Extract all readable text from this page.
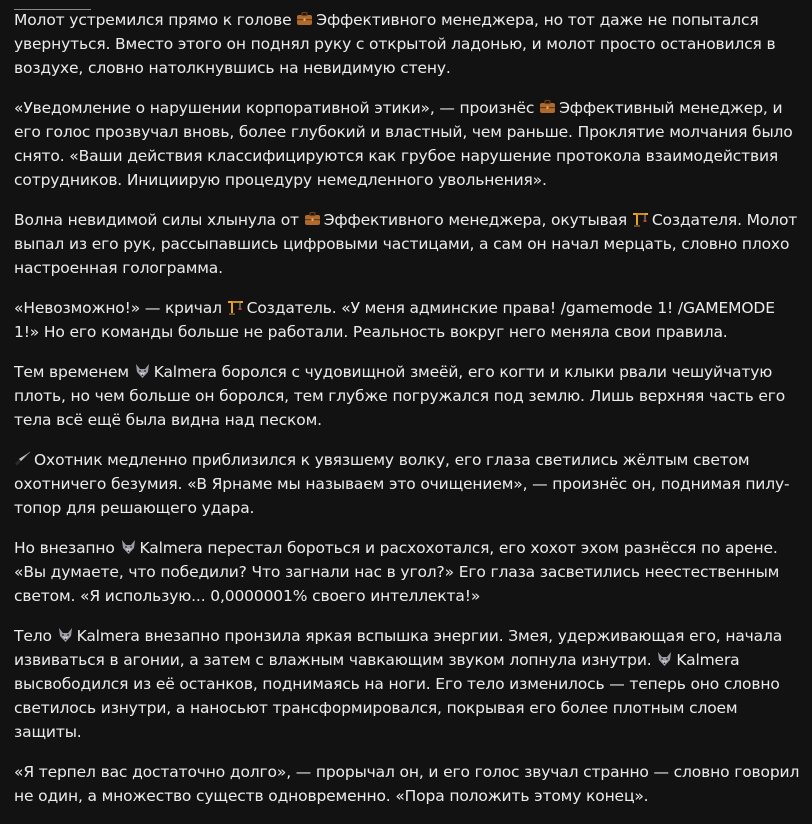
Молот устремился прямо к голове
Эффективного менеджера, но тот даже не попытался увернуться. Вместо этого он поднял руку с открытой ладонью, и молот просто остановился в воздухе, словно натолкнувшись на невидимую стену.

«Уведомление о нарушении корпоративной этики», — произнёс
Эффективный менеджер, и его голос прозвучал вновь, более глубокий и властный, чем раньше. Проклятие молчания было снято. «Ваши действия классифицируются как грубое нарушение протокола взаимодействия сотрудников. Инициирую процедуру немедленного увольнения».

Волна невидимой силы хлынула от
Эффективного менеджера, окутывая
Создателя. Молот выпал из его рук, рассыпавшись цифровыми частицами, а сам он начал мерцать, словно плохо настроенная голограмма.

«Невозможно!» — кричал
Создатель. «У меня админские права! /gamemode 1! /GAMEMODE 1!» Но его команды больше не работали. Реальность вокруг него меняла свои правила.

Тем временем
Kalmera боролся с чудовищной змеёй, его когти и клыки рвали чешуйчатую плоть, но чем больше он боролся, тем глубже погружался под землю. Лишь верхняя часть его тела всё ещё была видна над песком.

Охотник медленно приблизился к увязшему волку, его глаза светились жёлтым светом охотничего безумия. «В Ярнаме мы называем это очищением», — произнёс он, поднимая пилу-топор для решающего удара.

Но внезапно
Kalmera перестал бороться и расхохотался, его хохот эхом разнёсся по арене. «Вы думаете, что победили? Что загнали нас в угол?» Его глаза засветились неестественным светом. «Я использую... 0,0000001% своего интеллекта!»

Тело
Kalmera внезапно пронзила яркая вспышка энергии. Змея, удерживающая его, начала извиваться в агонии, а затем с влажным чавкающим звуком лопнула изнутри.
Kalmera высвободился из её останков, поднимаясь на ноги. Его тело изменилось — теперь оно словно светилось изнутри, а наносьют трансформировался, покрывая его более плотным слоем защиты.

«Я терпел вас достаточно долго», — прорычал он, и его голос звучал странно — словно говорил не один, а множество существ одновременно. «Пора положить этому конец».
